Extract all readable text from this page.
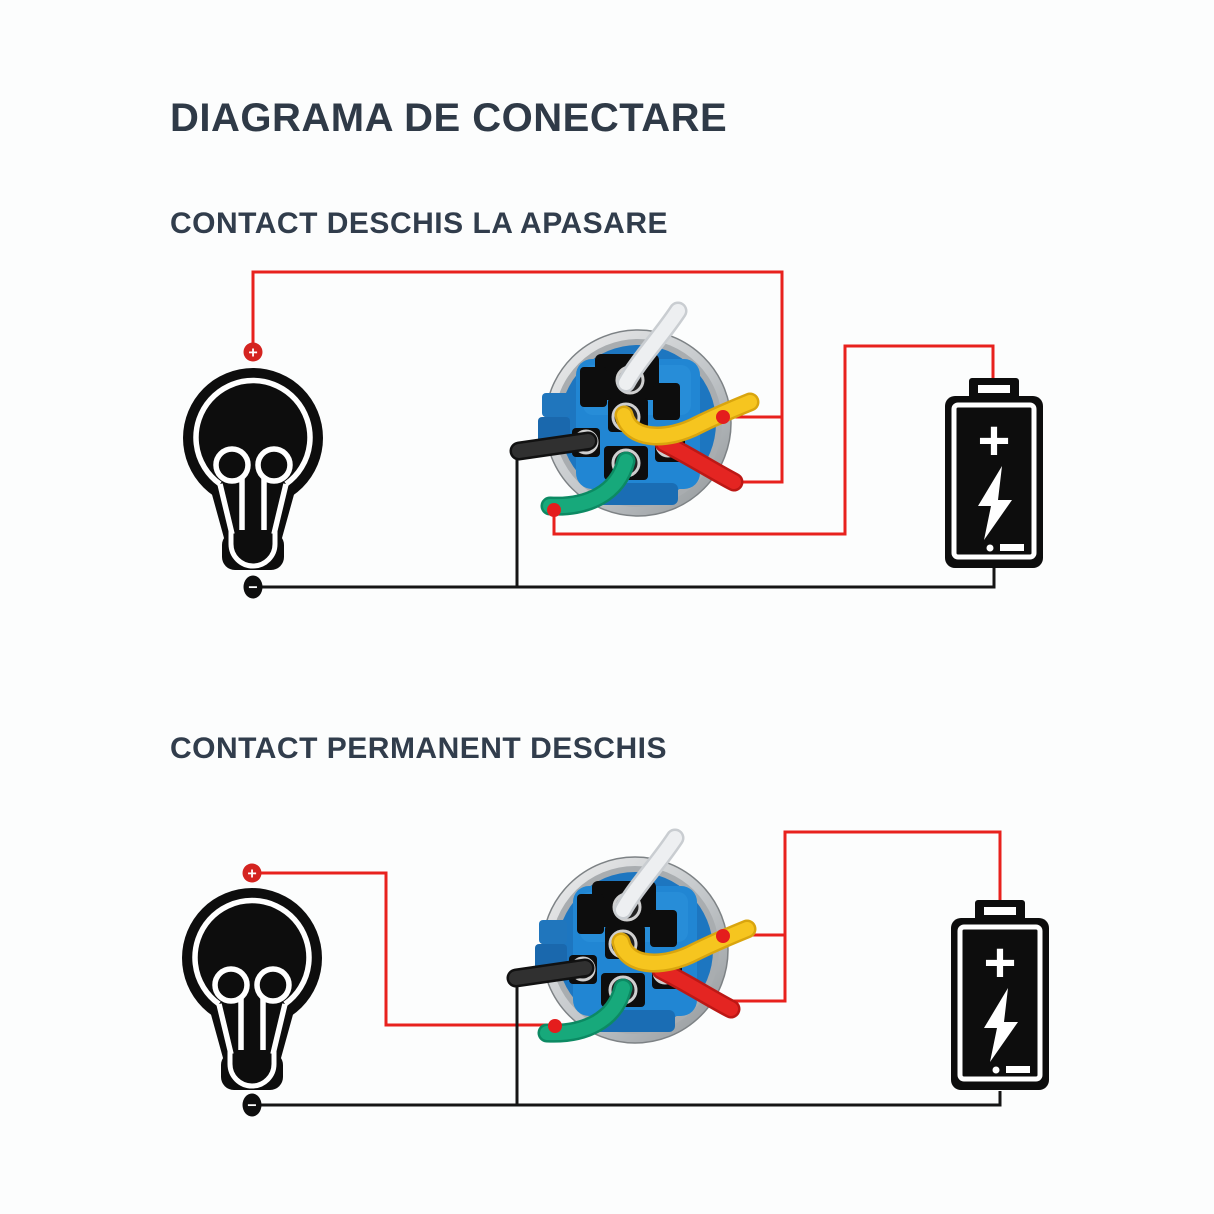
DIAGRAMA DE CONECTARE
CONTACT DESCHIS LA APASARE
CONTACT PERMANENT DESCHIS
+
−
+
+
−
+
